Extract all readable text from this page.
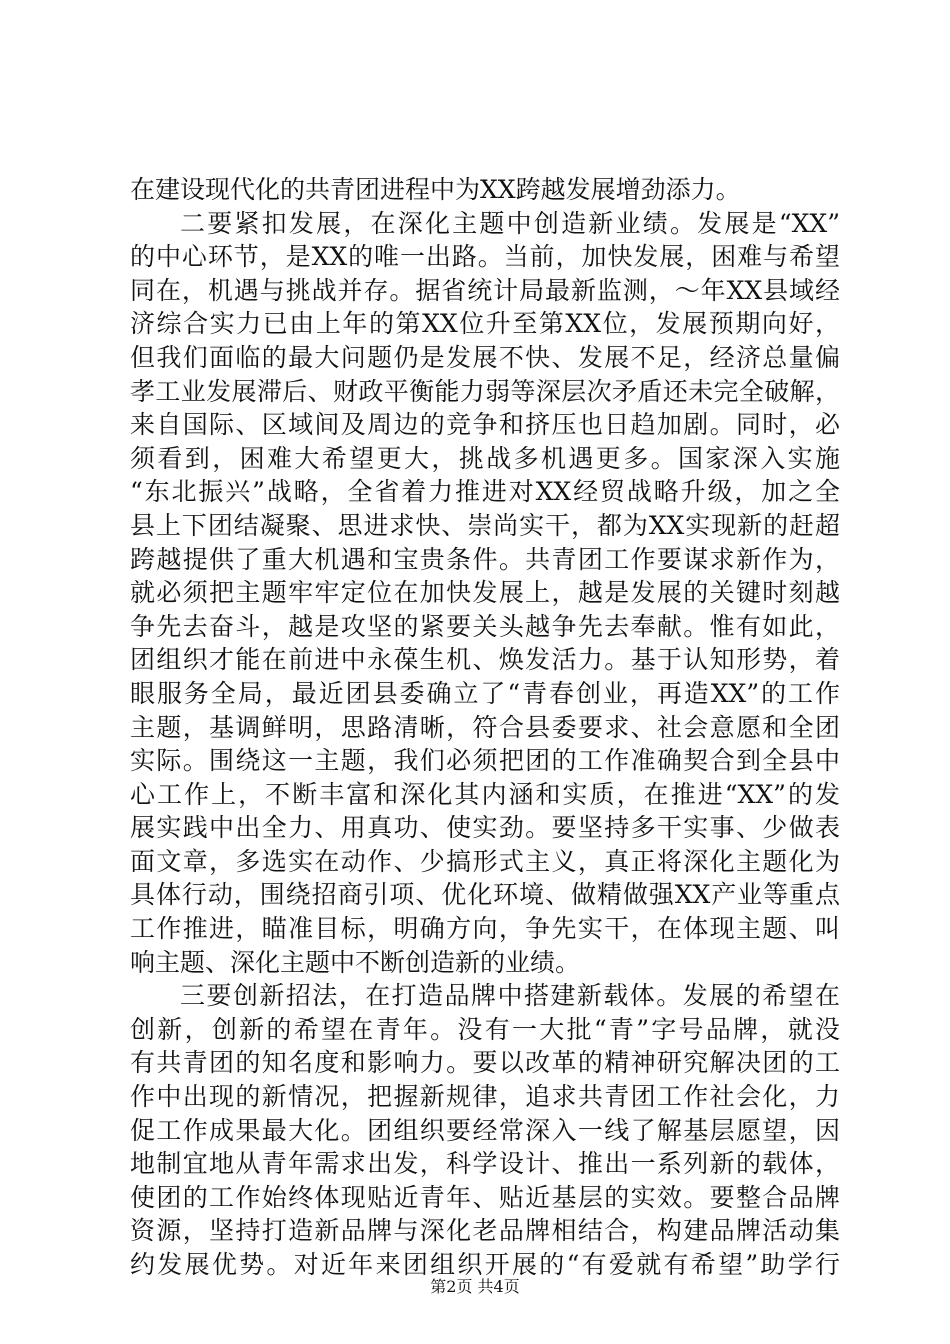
在建设现代化的共青团进程中为XX跨越发展增劲添力。
二要紧扣发展，在深化主题中创造新业绩。发展是“XX”
的中心环节，是XX的唯一出路。当前，加快发展，困难与希望
同在，机遇与挑战并存。据省统计局最新监测，～年XX县域经
济综合实力已由上年的第XX位升至第XX位，发展预期向好，
但我们面临的最大问题仍是发展不快、发展不足，经济总量偏
孝工业发展滞后、财政平衡能力弱等深层次矛盾还未完全破解，
来自国际、区域间及周边的竞争和挤压也日趋加剧。同时，必
须看到，困难大希望更大，挑战多机遇更多。国家深入实施
“东北振兴”战略，全省着力推进对XX经贸战略升级，加之全
县上下团结凝聚、思进求快、崇尚实干，都为XX实现新的赶超
跨越提供了重大机遇和宝贵条件。共青团工作要谋求新作为，
就必须把主题牢牢定位在加快发展上，越是发展的关键时刻越
争先去奋斗，越是攻坚的紧要关头越争先去奉献。惟有如此，
团组织才能在前进中永葆生机、焕发活力。基于认知形势，着
眼服务全局，最近团县委确立了“青春创业，再造XX”的工作
主题，基调鲜明，思路清晰，符合县委要求、社会意愿和全团
实际。围绕这一主题，我们必须把团的工作准确契合到全县中
心工作上，不断丰富和深化其内涵和实质，在推进“XX”的发
展实践中出全力、用真功、使实劲。要坚持多干实事、少做表
面文章，多选实在动作、少搞形式主义，真正将深化主题化为
具体行动，围绕招商引项、优化环境、做精做强XX产业等重点
工作推进，瞄准目标，明确方向，争先实干，在体现主题、叫
响主题、深化主题中不断创造新的业绩。
三要创新招法，在打造品牌中搭建新载体。发展的希望在
创新，创新的希望在青年。没有一大批“青”字号品牌，就没
有共青团的知名度和影响力。要以改革的精神研究解决团的工
作中出现的新情况，把握新规律，追求共青团工作社会化，力
促工作成果最大化。团组织要经常深入一线了解基层愿望，因
地制宜地从青年需求出发，科学设计、推出一系列新的载体，
使团的工作始终体现贴近青年、贴近基层的实效。要整合品牌
资源，坚持打造新品牌与深化老品牌相结合，构建品牌活动集
约发展优势。对近年来团组织开展的“有爱就有希望”助学行
第2页 共4页
